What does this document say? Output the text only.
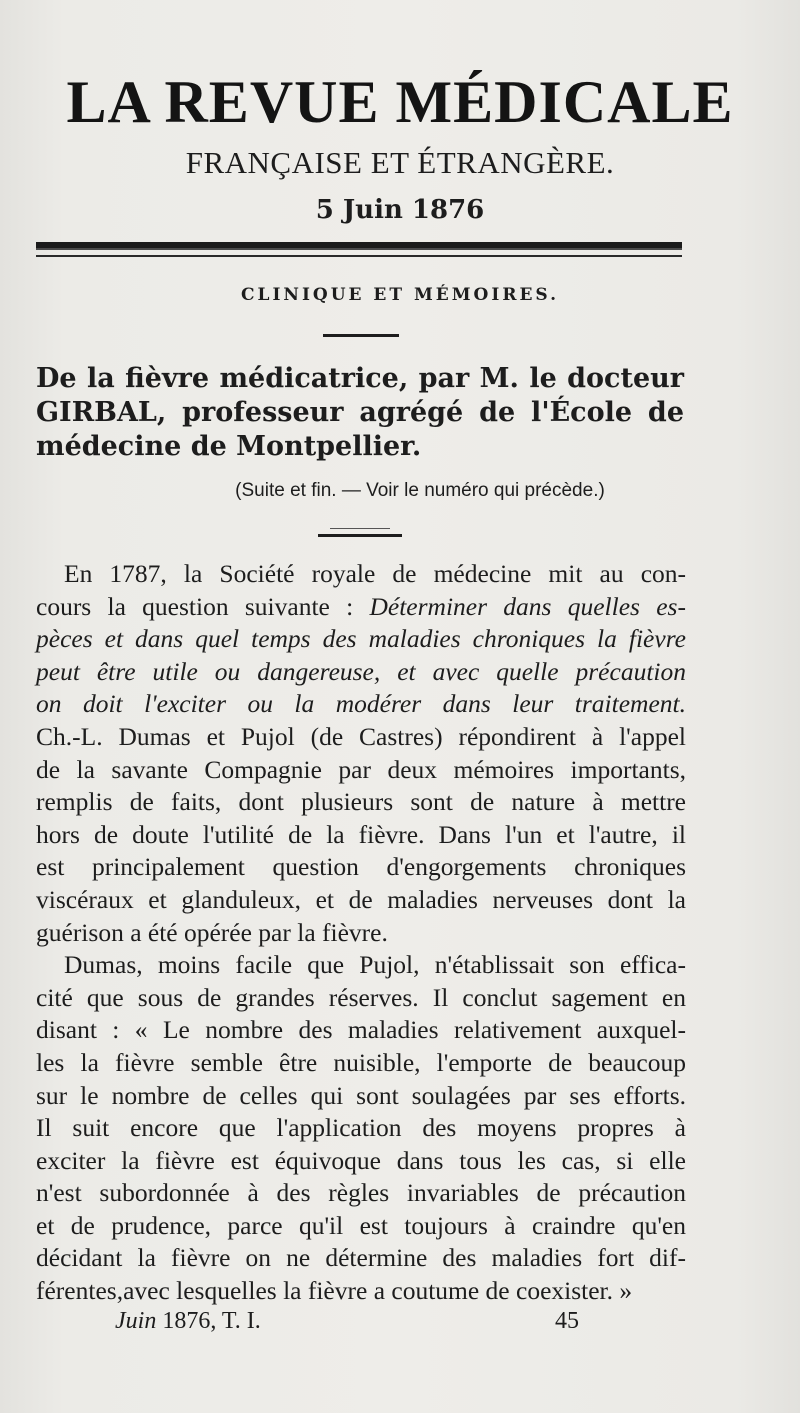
LA REVUE MÉDICALE
FRANÇAISE ET ÉTRANGÈRE.
5 Juin 1876
CLINIQUE ET MÉMOIRES.

De la fièvre médicatrice, par M. le docteur

GIRBAL, professeur agrégé de l'École de

médecine de Montpellier.

(Suite et fin. — Voir le numéro qui précède.)
En 1787, la Société royale de médecine mit au con-
cours la question suivante : Déterminer dans quelles es-
pèces et dans quel temps des maladies chroniques la fièvre
peut être utile ou dangereuse, et avec quelle précaution
on doit l'exciter ou la modérer dans leur traitement.
Ch.-L. Dumas et Pujol (de Castres) répondirent à l'appel
de la savante Compagnie par deux mémoires importants,
remplis de faits, dont plusieurs sont de nature à mettre
hors de doute l'utilité de la fièvre. Dans l'un et l'autre, il
est principalement question d'engorgements chroniques
viscéraux et glanduleux, et de maladies nerveuses dont la
guérison a été opérée par la fièvre.
Dumas, moins facile que Pujol, n'établissait son effica-
cité que sous de grandes réserves. Il conclut sagement en
disant : « Le nombre des maladies relativement auxquel-
les la fièvre semble être nuisible, l'emporte de beaucoup
sur le nombre de celles qui sont soulagées par ses efforts.
Il suit encore que l'application des moyens propres à
exciter la fièvre est équivoque dans tous les cas, si elle
n'est subordonnée à des règles invariables de précaution
et de prudence, parce qu'il est toujours à craindre qu'en
décidant la fièvre on ne détermine des maladies fort dif-
férentes,avec lesquelles la fièvre a coutume de coexister. »
Juin 1876, T. I.	45
